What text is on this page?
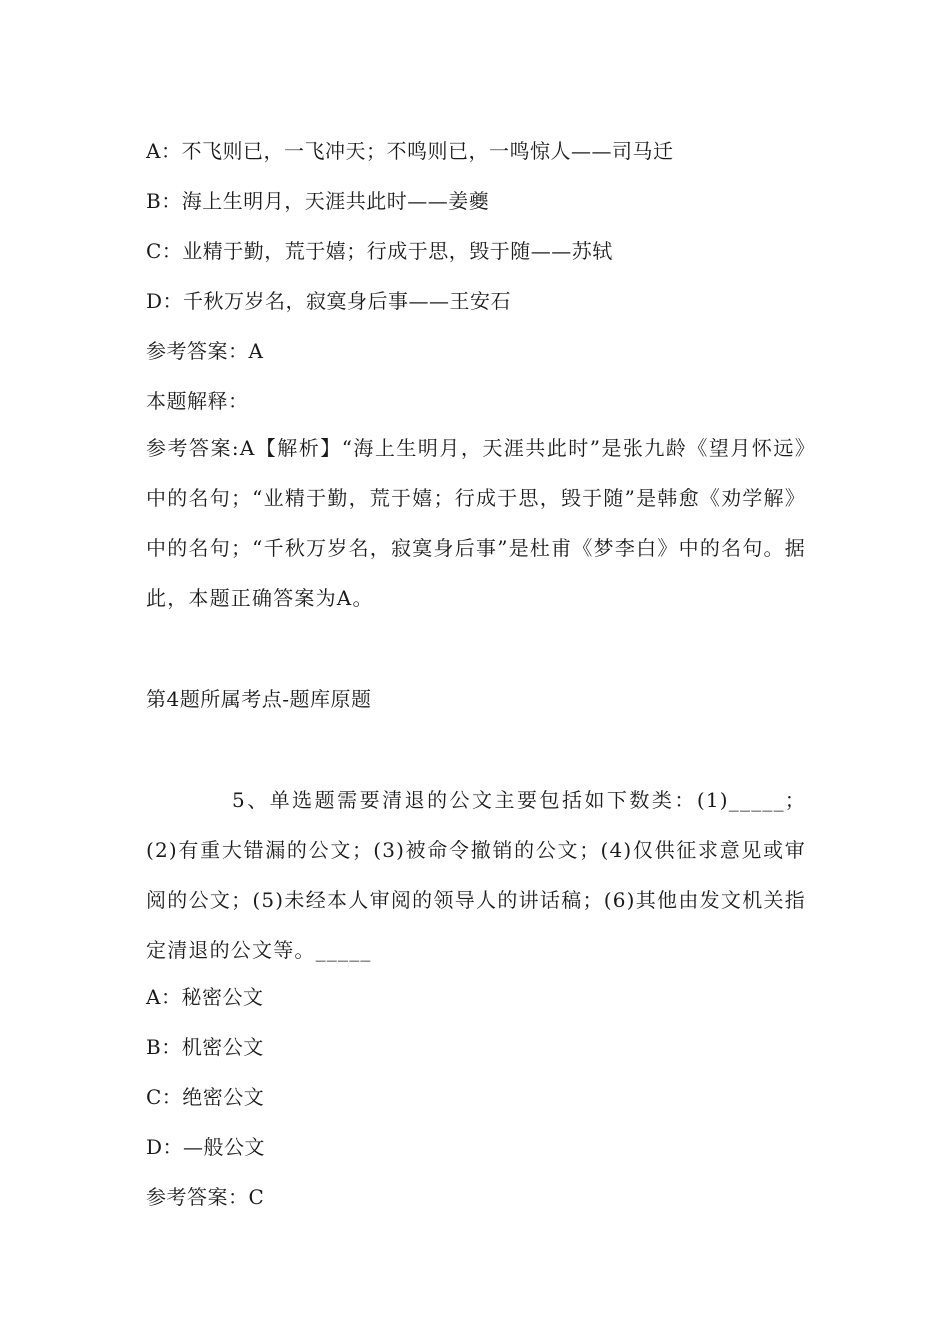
A：不飞则已，一飞冲天；不鸣则已，一鸣惊人——司马迁
B：海上生明月，天涯共此时——姜夔
C：业精于勤，荒于嬉；行成于思，毁于随——苏轼
D：千秋万岁名，寂寞身后事——王安石
参考答案：A
本题解释：
参考答案:A【解析】“海上生明月，天涯共此时”是张九龄《望月怀远》中的名句；“业精于勤，荒于嬉；行成于思，毁于随”是韩愈《劝学解》中的名句；“千秋万岁名，寂寞身后事”是杜甫《梦李白》中的名句。据此，本题正确答案为A。
第4题所属考点-题库原题
5、单选题需要清退的公文主要包括如下数类：(1)_____；(2)有重大错漏的公文；(3)被命令撤销的公文；(4)仅供征求意见或审阅的公文；(5)未经本人审阅的领导人的讲话稿；(6)其他由发文机关指定清退的公文等。_____
A：秘密公文
B：机密公文
C：绝密公文
D：—般公文
参考答案：C
